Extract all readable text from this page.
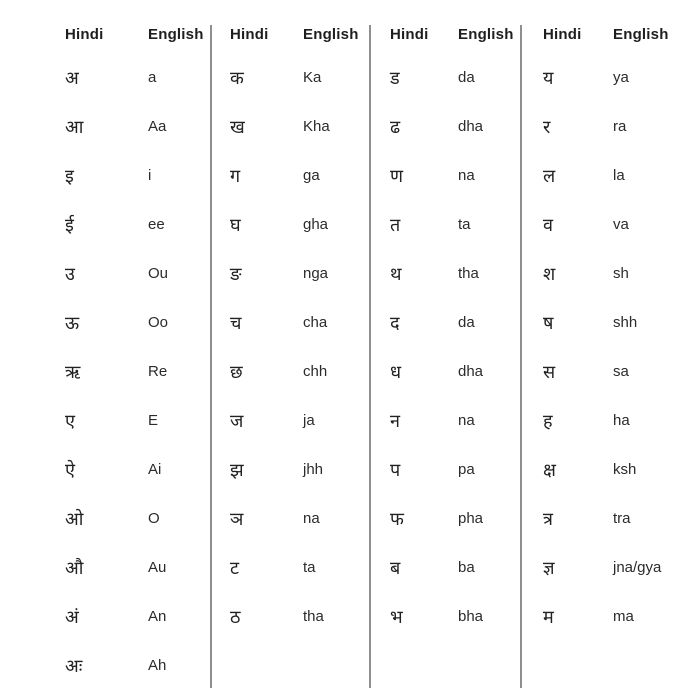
Hindi	English
अ	a
आ	Aa
इ	i
ई	ee
उ	Ou
ऊ	Oo
ऋ	Re
ए	E
ऐ	Ai
ओ	O
औ	Au
अं	An
अः	Ah
Hindi	English
क	Ka
ख	Kha
ग	ga
घ	gha
ङ	nga
च	cha
छ	chh
ज	ja
झ	jhh
ञ	na
ट	ta
ठ	tha
Hindi	English
ड	da
ढ	dha
ण	na
त	ta
थ	tha
द	da
ध	dha
न	na
प	pa
फ	pha
ब	ba
भ	bha
Hindi	English
य	ya
र	ra
ल	la
व	va
श	sh
ष	shh
स	sa
ह	ha
क्ष	ksh
त्र	tra
ज्ञ	jna/gya
म	ma
